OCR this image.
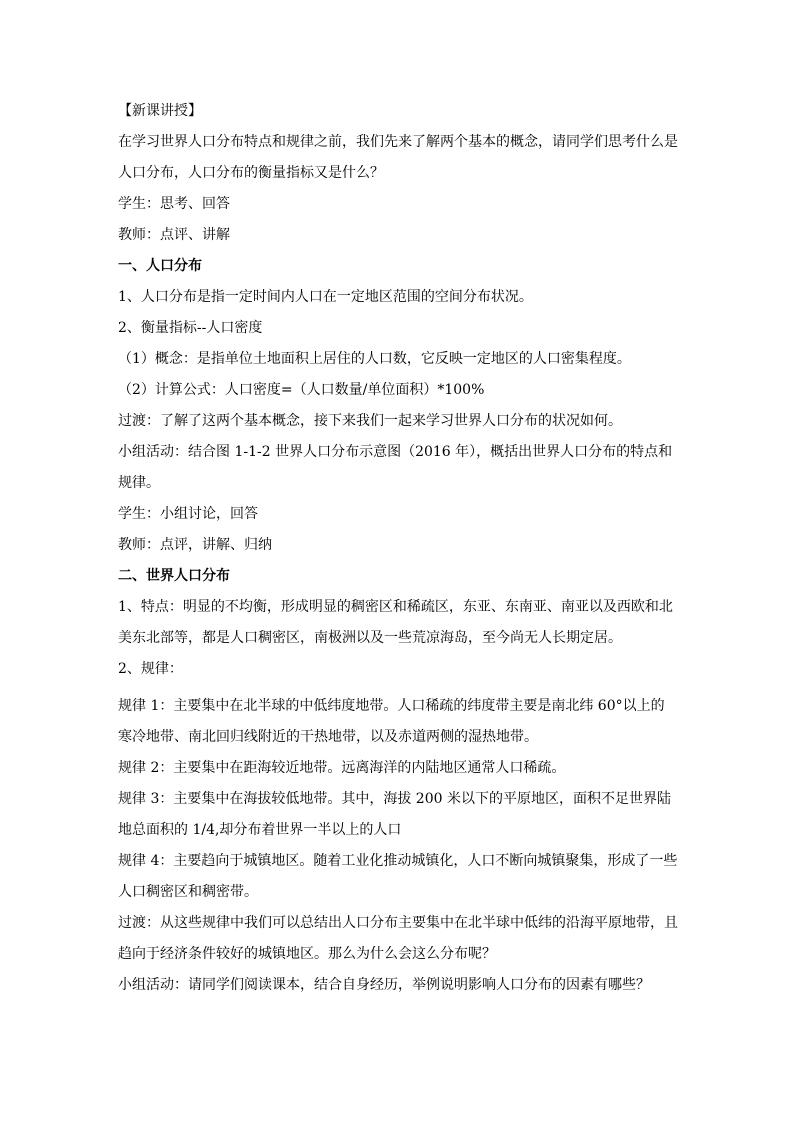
【新课讲授】

在学习世界人口分布特点和规律之前，我们先来了解两个基本的概念，请同学们思考什么是人口分布，人口分布的衡量指标又是什么？

学生：思考、回答

教师：点评、讲解

一、人口分布

1、人口分布是指一定时间内人口在一定地区范围的空间分布状况。

2、衡量指标--人口密度

（1）概念：是指单位土地面积上居住的人口数，它反映一定地区的人口密集程度。

（2）计算公式：人口密度=（人口数量/单位面积）*100%

过渡：了解了这两个基本概念，接下来我们一起来学习世界人口分布的状况如何。

小组活动：结合图 1-1-2 世界人口分布示意图（2016 年），概括出世界人口分布的特点和规律。

学生：小组讨论，回答

教师：点评，讲解、归纳

二、世界人口分布

1、特点：明显的不均衡，形成明显的稠密区和稀疏区，东亚、东南亚、南亚以及西欧和北美东北部等，都是人口稠密区，南极洲以及一些荒凉海岛，至今尚无人长期定居。

2、规律：

规律 1：主要集中在北半球的中低纬度地带。人口稀疏的纬度带主要是南北纬 60°以上的寒冷地带、南北回归线附近的干热地带，以及赤道两侧的湿热地带。

规律 2：主要集中在距海较近地带。远离海洋的内陆地区通常人口稀疏。

规律 3：主要集中在海拔较低地带。其中，海拔 200 米以下的平原地区，面积不足世界陆地总面积的 1/4,却分布着世界一半以上的人口

规律 4：主要趋向于城镇地区。随着工业化推动城镇化，人口不断向城镇聚集，形成了一些人口稠密区和稠密带。

过渡：从这些规律中我们可以总结出人口分布主要集中在北半球中低纬的沿海平原地带，且趋向于经济条件较好的城镇地区。那么为什么会这么分布呢？

小组活动：请同学们阅读课本，结合自身经历，举例说明影响人口分布的因素有哪些？
